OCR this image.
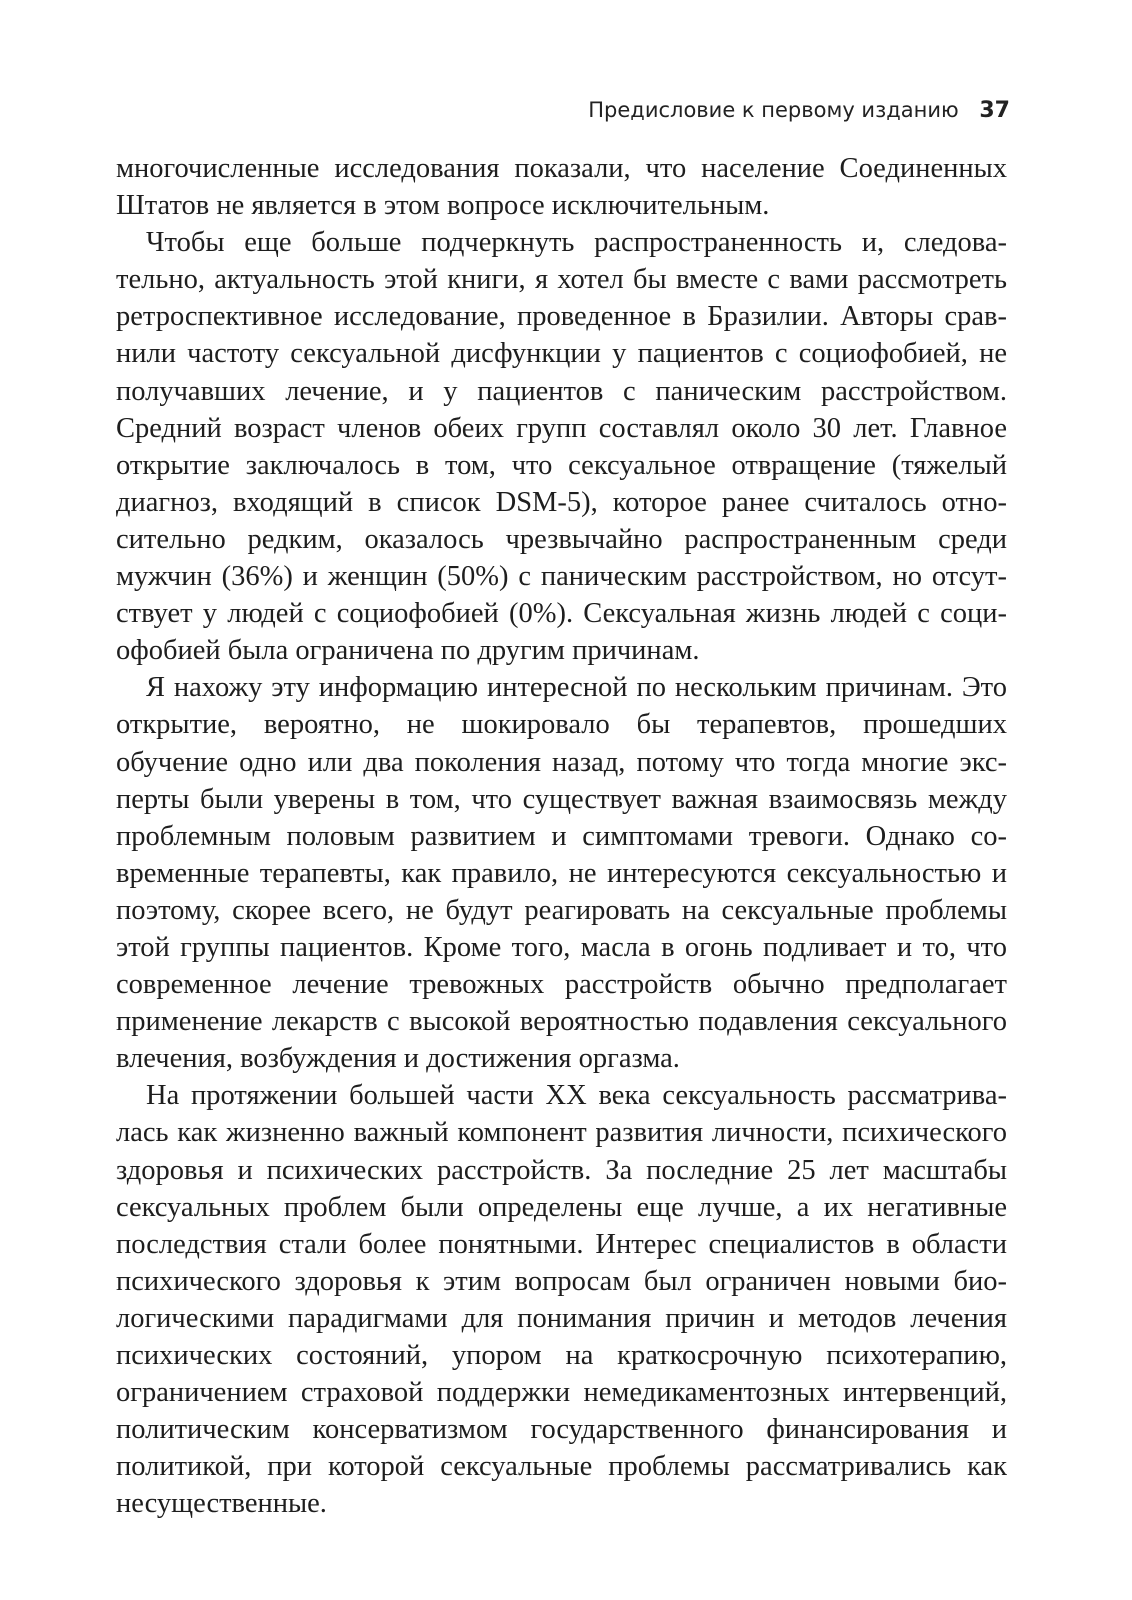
Предисловие к первому изданию 37

многочисленные исследования показали, что население Соединенных Штатов не является в этом вопросе исключительным.

Чтобы еще больше подчеркнуть распространенность и, следовательно, актуальность этой книги, я хотел бы вместе с вами рассмотреть ретроспективное исследование, проведенное в Бразилии. Авторы сравнили частоту сексуальной дисфункции у пациентов с социофобией, не получавших лечение, и у пациентов с паническим расстройством. Средний возраст членов обеих групп составлял около 30 лет. Главное открытие заключалось в том, что сексуальное отвращение (тяжелый диагноз, входящий в список DSM-5), которое ранее считалось относительно редким, оказалось чрезвычайно распространенным среди мужчин (36%) и женщин (50%) с паническим расстройством, но отсутствует у людей с социофобией (0%). Сексуальная жизнь людей с социофобией была ограничена по другим причинам.

Я нахожу эту информацию интересной по нескольким причинам. Это открытие, вероятно, не шокировало бы терапевтов, прошедших обучение одно или два поколения назад, потому что тогда многие эксперты были уверены в том, что существует важная взаимосвязь между проблемным половым развитием и симптомами тревоги. Однако современные терапевты, как правило, не интересуются сексуальностью и поэтому, скорее всего, не будут реагировать на сексуальные проблемы этой группы пациентов. Кроме того, масла в огонь подливает и то, что современное лечение тревожных расстройств обычно предполагает применение лекарств с высокой вероятностью подавления сексуального влечения, возбуждения и достижения оргазма.

На протяжении большей части XX века сексуальность рассматривалась как жизненно важный компонент развития личности, психического здоровья и психических расстройств. За последние 25 лет масштабы сексуальных проблем были определены еще лучше, а их негативные последствия стали более понятными. Интерес специалистов в области психического здоровья к этим вопросам был ограничен новыми биологическими парадигмами для понимания причин и методов лечения психических состояний, упором на краткосрочную психотерапию, ограничением страховой поддержки немедикаментозных интервенций, политическим консерватизмом государственного финансирования и политикой, при которой сексуальные проблемы рассматривались как несущественные.
